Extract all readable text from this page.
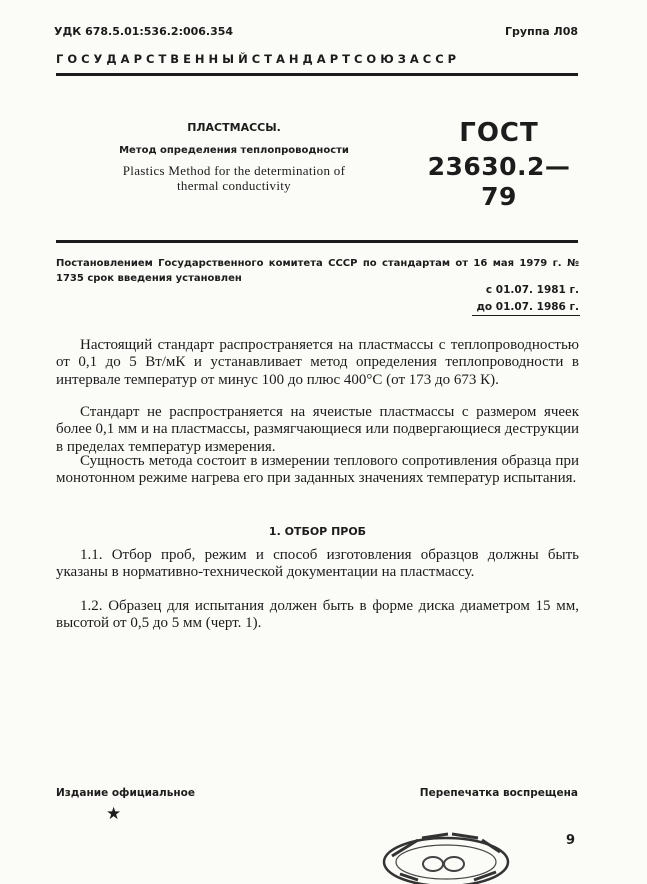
УДК 678.5.01:536.2:006.354	Группа Л08
Г О С У Д А Р С Т В Е Н Н Ы Й С Т А Н Д А Р Т С О Ю З А С С Р
ПЛАСТМАССЫ.
Метод определения теплопроводности
Plastics Method for the determination of
thermal conductivity
ГОСТ
23630.2—79
Постановлением Государственного комитета СССР по стандартам от 16 мая 1979 г. № 1735 срок введения установлен
с 01.07. 1981 г.
до 01.07. 1986 г.
Настоящий стандарт распространяется на пластмассы с теплопроводностью от 0,1 до 5 Вт/мК и устанавливает метод определения теплопроводности в интервале температур от минус 100 до плюс 400°С (от 173 до 673 К).
Стандарт не распространяется на ячеистые пластмассы с размером ячеек более 0,1 мм и на пластмассы, размягчающиеся или подвергающиеся деструкции в пределах температур измерения.
Сущность метода состоит в измерении теплового сопротивления образца при монотонном режиме нагрева его при заданных значениях температур испытания.
1. ОТБОР ПРОБ
1.1. Отбор проб, режим и способ изготовления образцов должны быть указаны в нормативно-технической документации на пластмассу.
1.2. Образец для испытания должен быть в форме диска диаметром 15 мм, высотой от 0,5 до 5 мм (черт. 1).
Издание официальное	Перепечатка воспрещена
★
9
